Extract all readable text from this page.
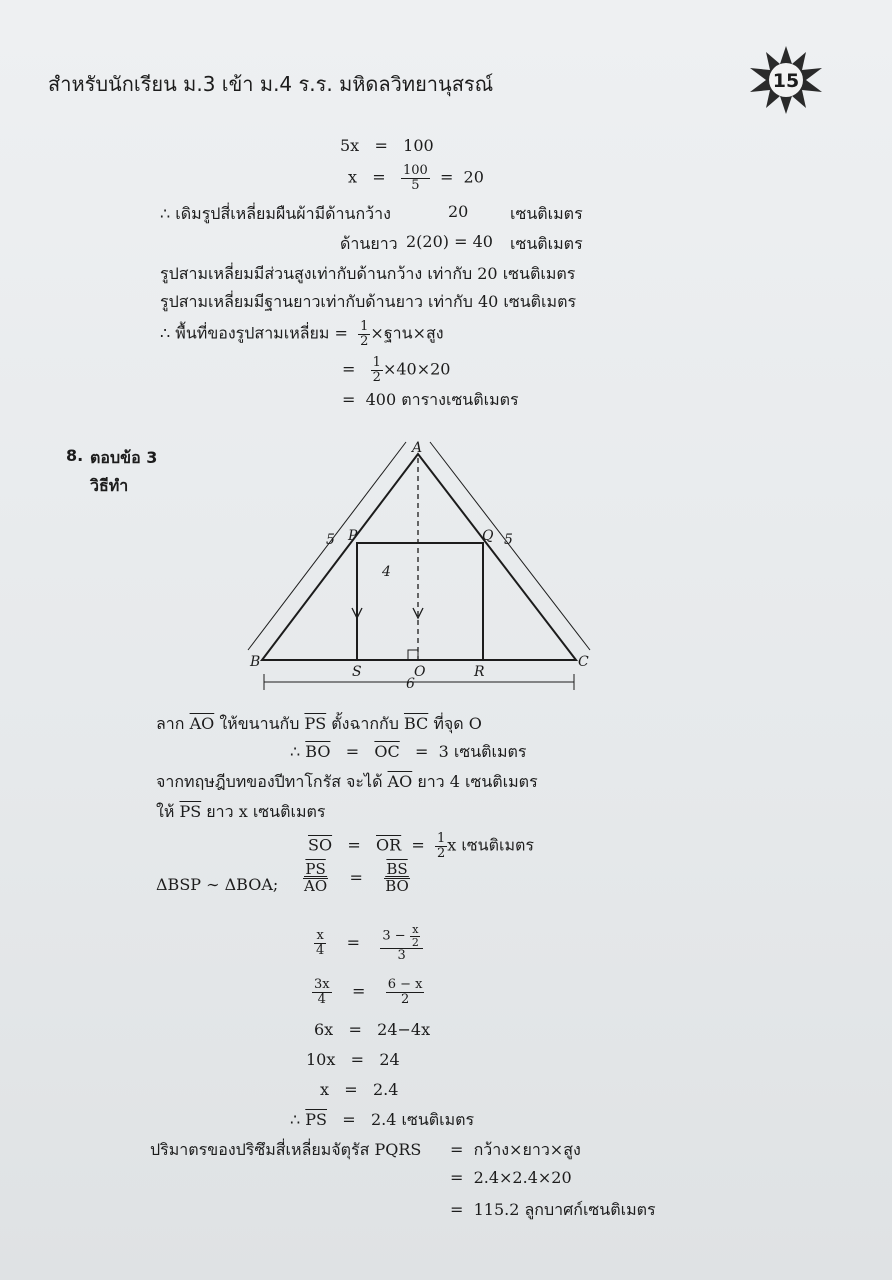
สำหรับนักเรียน ม.3 เข้า ม.4 ร.ร. มหิดลวิทยานุสรณ์	15
5x = 100
$x = \frac{100}{5} = 20$
∴ เดิมรูปสี่เหลี่ยมผืนผ้ามีด้านกว้าง	20	เซนติเมตร
ด้านยาว 2(20) = 40 เซนติเมตร
รูปสามเหลี่ยมมีส่วนสูงเท่ากับด้านกว้าง เท่ากับ 20 เซนติเมตร
รูปสามเหลี่ยมมีฐานยาวเท่ากับด้านยาว เท่ากับ 40 เซนติเมตร
∴ พื้นที่ของรูปสามเหลี่ยม = $\frac{1}{2}$ ×ฐาน×สูง
= $\frac{1}{2} \times 40\times 20$
= 400 ตารางเซนติเมตร
8. ตอบข้อ 3
วิธีทำ
A
B	C
P	Q
S	O	R
5	5
4
6
ลาก $\overline{AO}$ ให้ขนานกับ $\overline{PS}$ ตั้งฉากกับ $\overline{BC}$ ที่จุด O
∴ $\overline{BO} = \overline{OC} = 3$ เซนติเมตร
จากทฤษฎีบทของปีทาโกรัส จะได้ $\overline{AO}$ ยาว 4 เซนติเมตร
ให้ $\overline{PS}$ ยาว x เซนติเมตร
$\overline{SO} = \overline{OR} = \frac{1}{2}$ x เซนติเมตร
ΔBSP ∼ ΔBOA; $\frac{\overline{PS}}{AO} = \frac{\overline{BS}}{BO}$
$\frac{x}{4} = \frac{3 - \frac{x}{2}}{3}$
$\frac{3x}{4} = \frac{6 - x}{2}$
6x = 24−4x
10x = 24
x = 2.4
∴ $\overline{PS} = 2.4$ เซนติเมตร
ปริมาตรของปริซึมสี่เหลี่ยมจัตุรัส PQRS = กว้าง×ยาว×สูง
= 2.4×2.4×20
= 115.2 ลูกบาศก์เซนติเมตร
